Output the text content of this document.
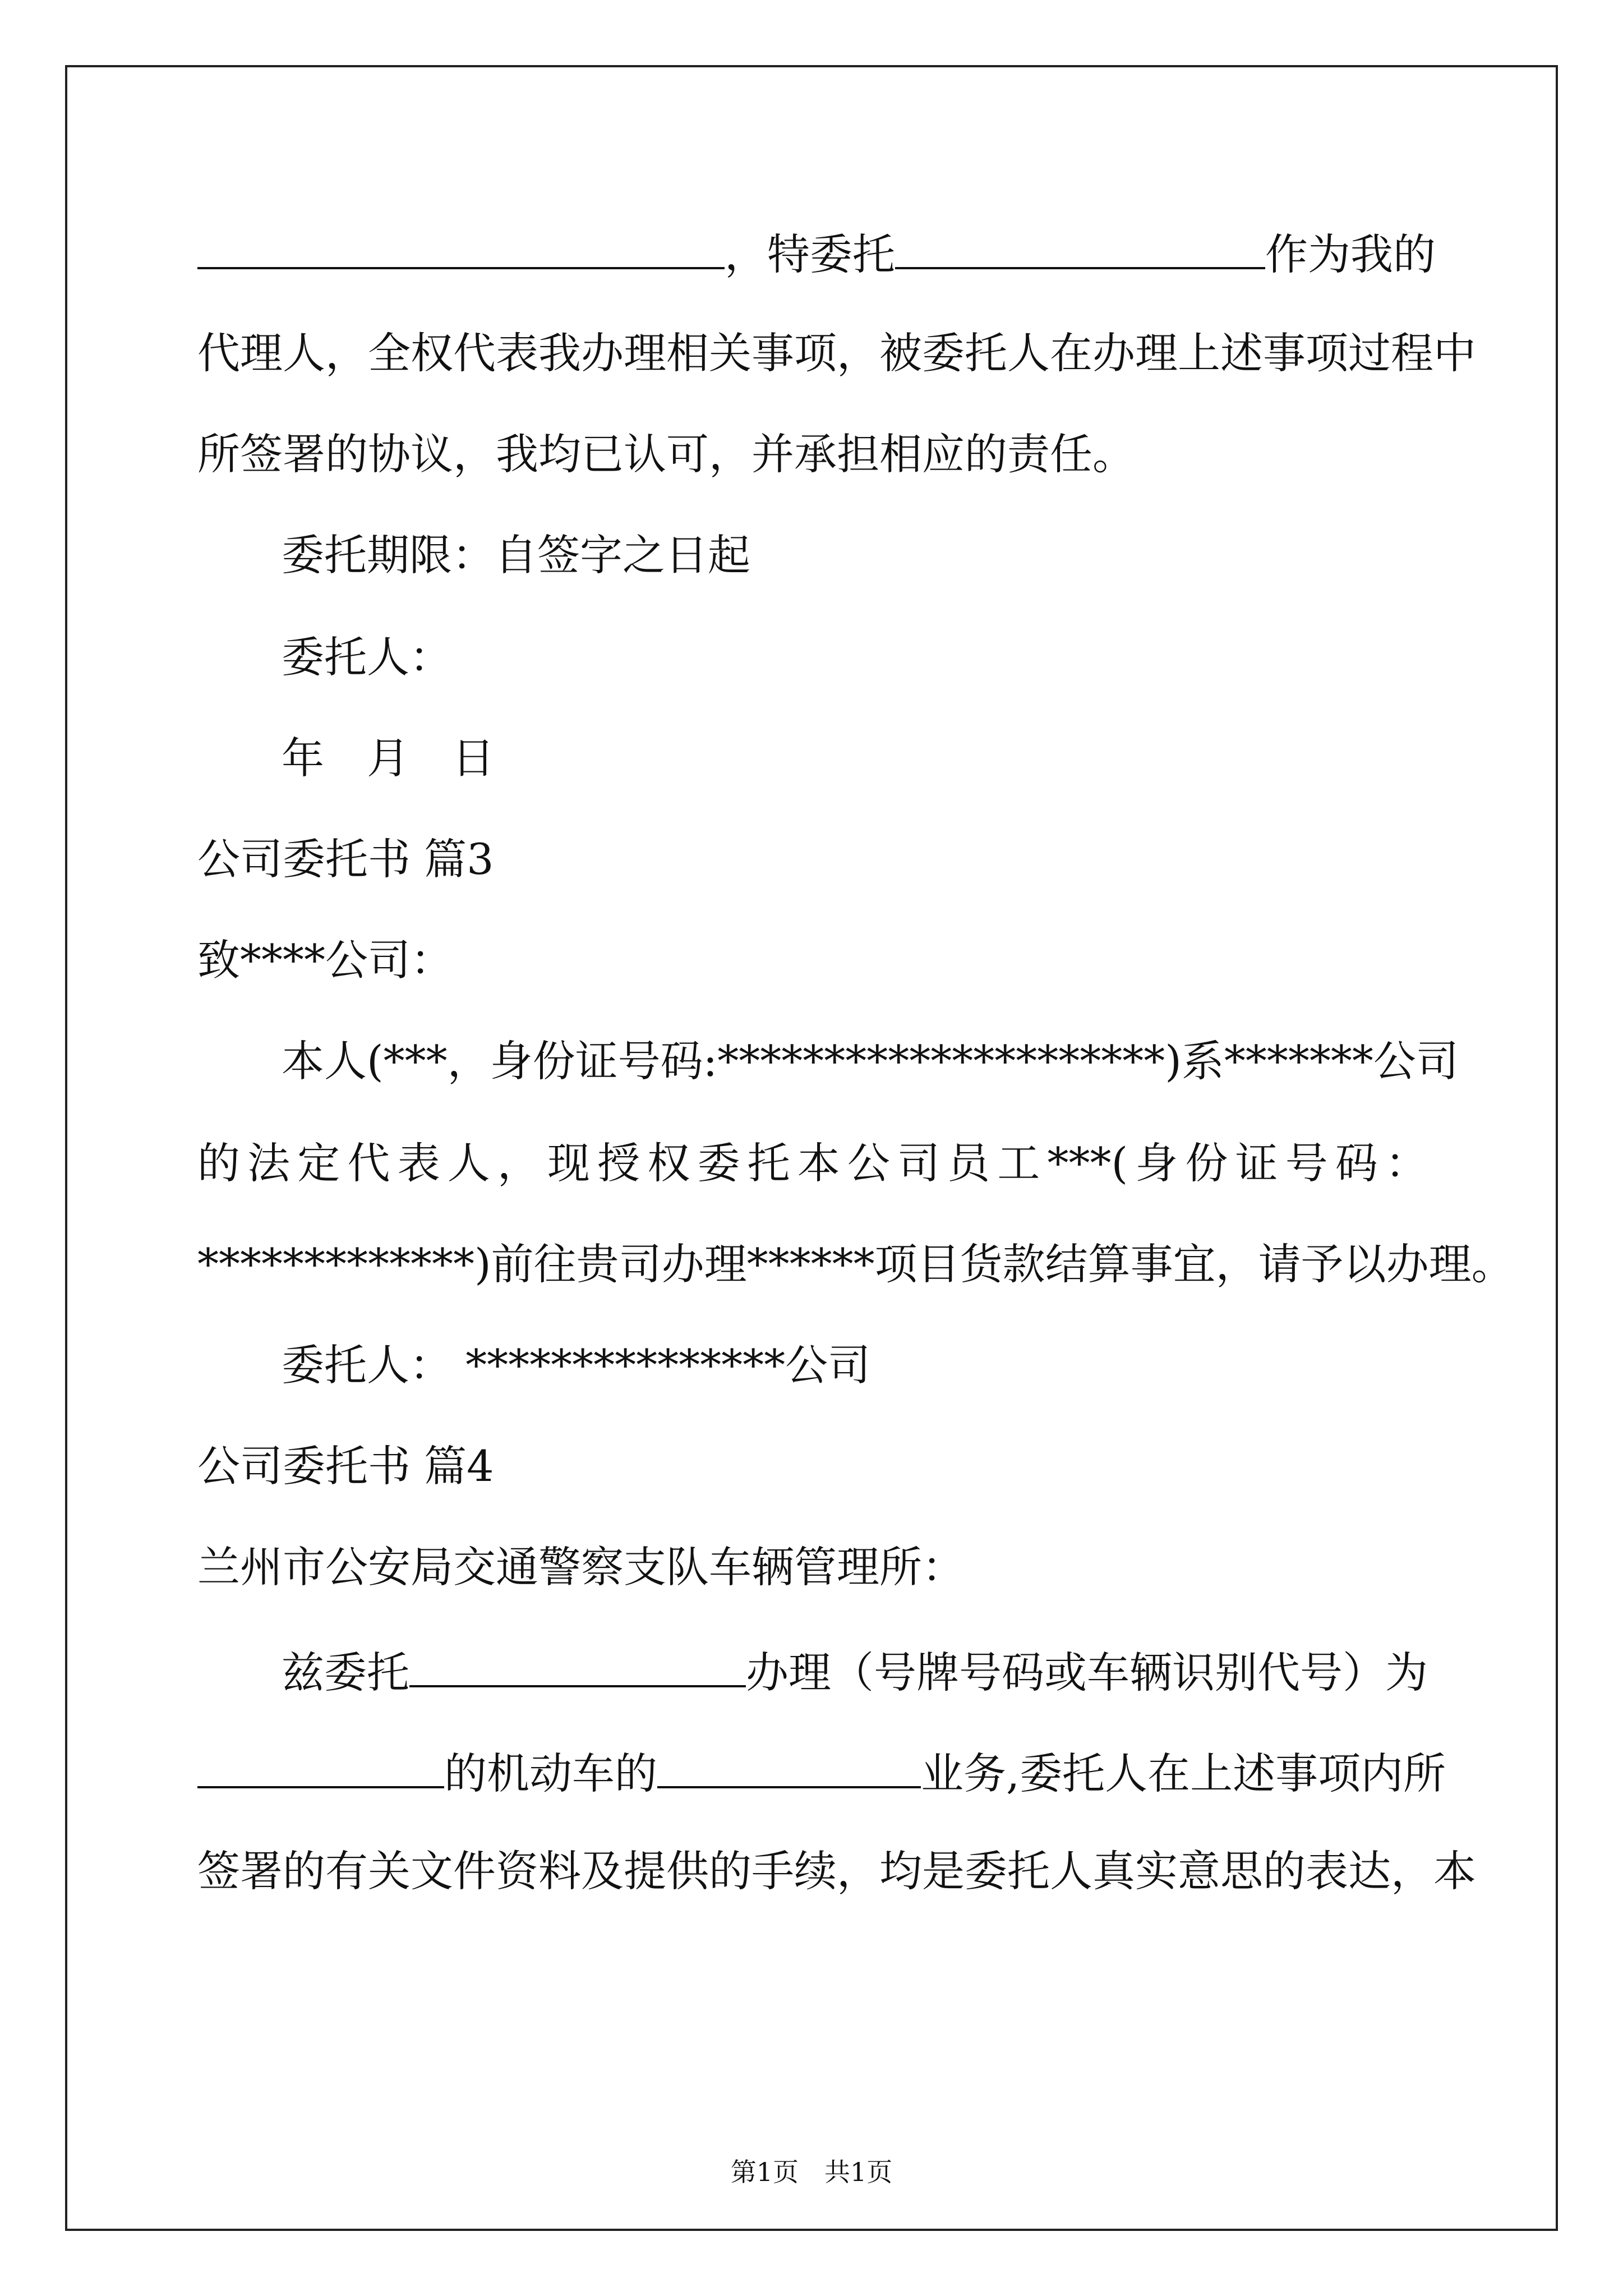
，特委托	作为我的
代理人，全权代表我办理相关事项，被委托人在办理上述事项过程中
所签署的协议，我均已认可，并承担相应的责任。
委托期限：自签字之日起
委托人：
年　月　日
公司委托书 篇3
致****公司：
本人(***，身份证号码:*********************)系*******公司
的法定代表人，现授权委托本公司员工***(身份证号码：
*************)前往贵司办理******项目货款结算事宜，请予以办理。
委托人： ***************公司
公司委托书 篇4
兰州市公安局交通警察支队车辆管理所：
兹委托	办理（号牌号码或车辆识别代号）为
的机动车的	业务,委托人在上述事项内所
签署的有关文件资料及提供的手续，均是委托人真实意思的表达，本
第1页　共1页
